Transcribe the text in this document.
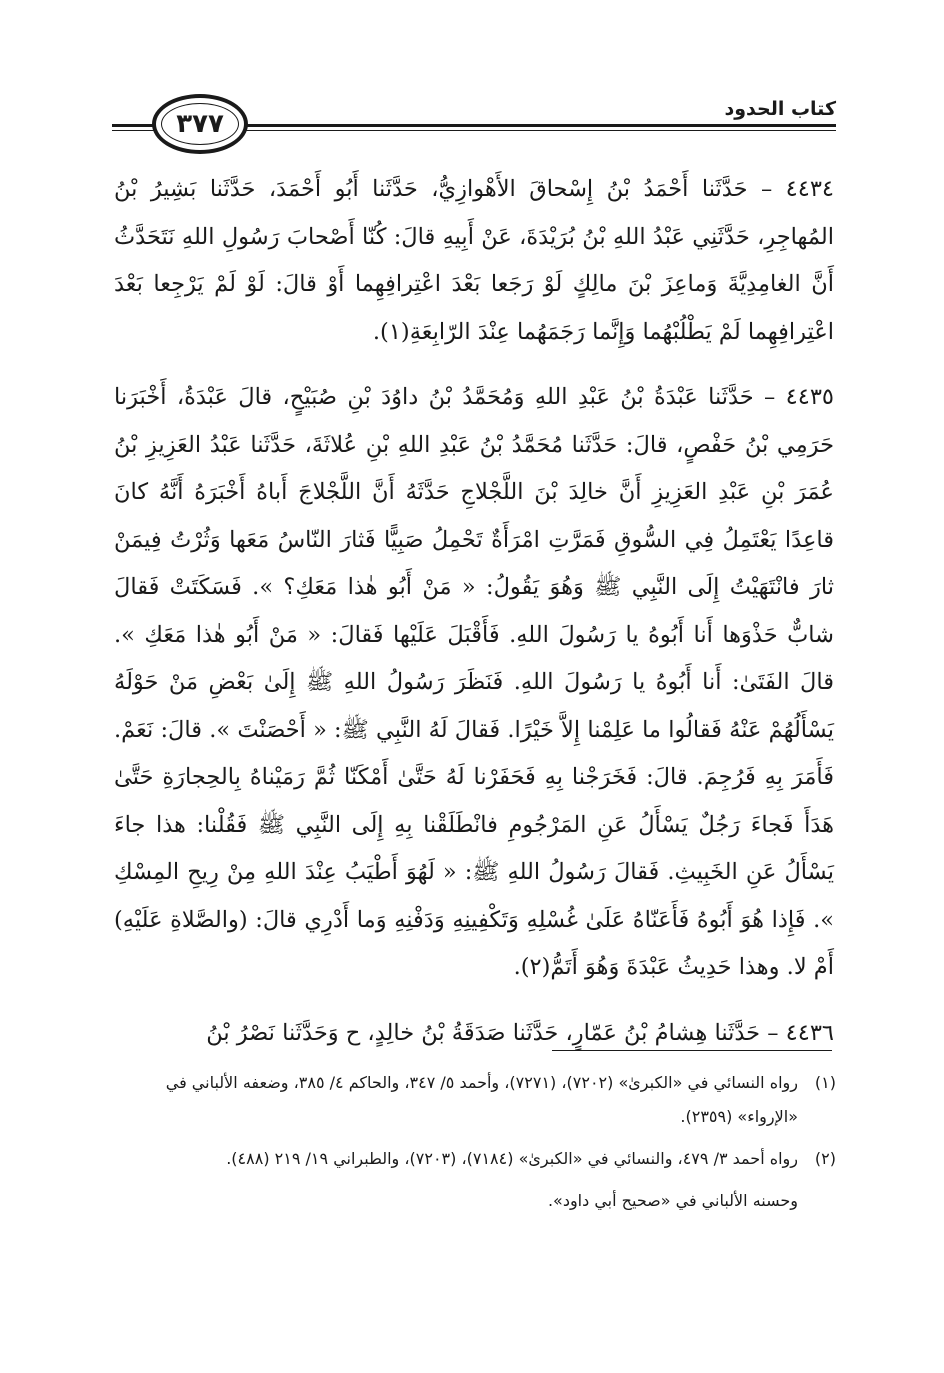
كتاب الحدود
٣٧٧

٤٤٣٤ – حَدَّثَنا أَحْمَدُ بْنُ إِسْحاقَ الأَهْوازِيُّ، حَدَّثَنا أَبُو أَحْمَدَ، حَدَّثَنا بَشِيرُ بْنُ المُهاجِرِ، حَدَّثَنِي عَبْدُ اللهِ بْنُ بُرَيْدَةَ، عَنْ أَبِيهِ قالَ: كُنّا أَصْحابَ رَسُولِ اللهِ نَتَحَدَّثُ أَنَّ الغامِدِيَّةَ وَماعِزَ بْنَ مالِكٍ لَوْ رَجَعا بَعْدَ اعْتِرافِهِما أَوْ قالَ: لَوْ لَمْ يَرْجِعا بَعْدَ اعْتِرافِهِما لَمْ يَطْلُبْهُما وَإِنَّما رَجَمَهُما عِنْدَ الرّابِعَةِ(١).

٤٤٣٥ – حَدَّثَنا عَبْدَةُ بْنُ عَبْدِ اللهِ وَمُحَمَّدُ بْنُ داوُدَ بْنِ صُبَيْحٍ، قالَ عَبْدَةُ، أَخْبَرَنا حَرَمِي بْنُ حَفْصٍ، قالَ: حَدَّثَنا مُحَمَّدُ بْنُ عَبْدِ اللهِ بْنِ عُلاثَةَ، حَدَّثَنا عَبْدُ العَزِيزِ بْنُ عُمَرَ بْنِ عَبْدِ العَزِيزِ أَنَّ خالِدَ بْنَ اللَّجْلاجِ حَدَّثَهُ أَنَّ اللَّجْلاجَ أَباهُ أَخْبَرَهُ أَنَّهُ كانَ قاعِدًا يَعْتَمِلُ فِي السُّوقِ فَمَرَّتِ امْرَأَةٌ تَحْمِلُ صَبِيًّا فَثارَ النّاسُ مَعَها وَثُرْتُ فِيمَنْ ثارَ فانْتَهَيْتُ إِلَى النَّبِي ﷺ وَهُوَ يَقُولُ: « مَنْ أَبُو هٰذا مَعَكِ؟ ». فَسَكَتَتْ فَقالَ شابٌّ حَذْوَها أَنا أَبُوهُ يا رَسُولَ اللهِ. فَأَقْبَلَ عَلَيْها فَقالَ: « مَنْ أَبُو هٰذا مَعَكِ ». قالَ الفَتَىٰ: أَنا أَبُوهُ يا رَسُولَ اللهِ. فَنَظَرَ رَسُولُ اللهِ ﷺ إِلَىٰ بَعْضِ مَنْ حَوْلَهُ يَسْأَلُهُمْ عَنْهُ فَقالُوا ما عَلِمْنا إِلاَّ خَيْرًا. فَقالَ لَهُ النَّبِي ﷺ: « أَحْصَنْتَ ». قالَ: نَعَمْ. فَأَمَرَ بِهِ فَرُجِمَ. قالَ: فَخَرَجْنا بِهِ فَحَفَرْنا لَهُ حَتَّىٰ أَمْكَنّا ثُمَّ رَمَيْناهُ بِالحِجارَةِ حَتَّىٰ هَدَأَ فَجاءَ رَجُلٌ يَسْأَلُ عَنِ المَرْجُومِ فانْطَلَقْنا بِهِ إِلَى النَّبِي ﷺ فَقُلْنا: هذا جاءَ يَسْأَلُ عَنِ الخَبِيثِ. فَقالَ رَسُولُ اللهِ ﷺ: « لَهُوَ أَطْيَبُ عِنْدَ اللهِ مِنْ رِيحِ المِسْكِ ». فَإِذا هُوَ أَبُوهُ فَأَعَنّاهُ عَلَىٰ غُسْلِهِ وَتَكْفِينِهِ وَدَفْنِهِ وَما أَدْرِي قالَ: (والصَّلاةِ عَلَيْهِ) أَمْ لا. وهذا حَدِيثُ عَبْدَةَ وَهُوَ أَتَمُّ(٢).

٤٤٣٦ – حَدَّثَنا هِشامُ بْنُ عَمّارٍ، حَدَّثَنا صَدَقَةُ بْنُ خالِدٍ، ح وَحَدَّثَنا نَصْرُ بْنُ

(١)
رواه النسائي في «الكبرىٰ» (٧٢٠٢)، (٧٢٧١)، وأحمد ٥/ ٣٤٧، والحاكم ٤/ ٣٨٥، وضعفه الألباني في «الإرواء» (٢٣٥٩).
(٢)
رواه أحمد ٣/ ٤٧٩، والنسائي في «الكبرىٰ» (٧١٨٤)، (٧٢٠٣)، والطبراني ١٩/ ٢١٩ (٤٨٨).
وحسنه الألباني في «صحيح أبي داود».
